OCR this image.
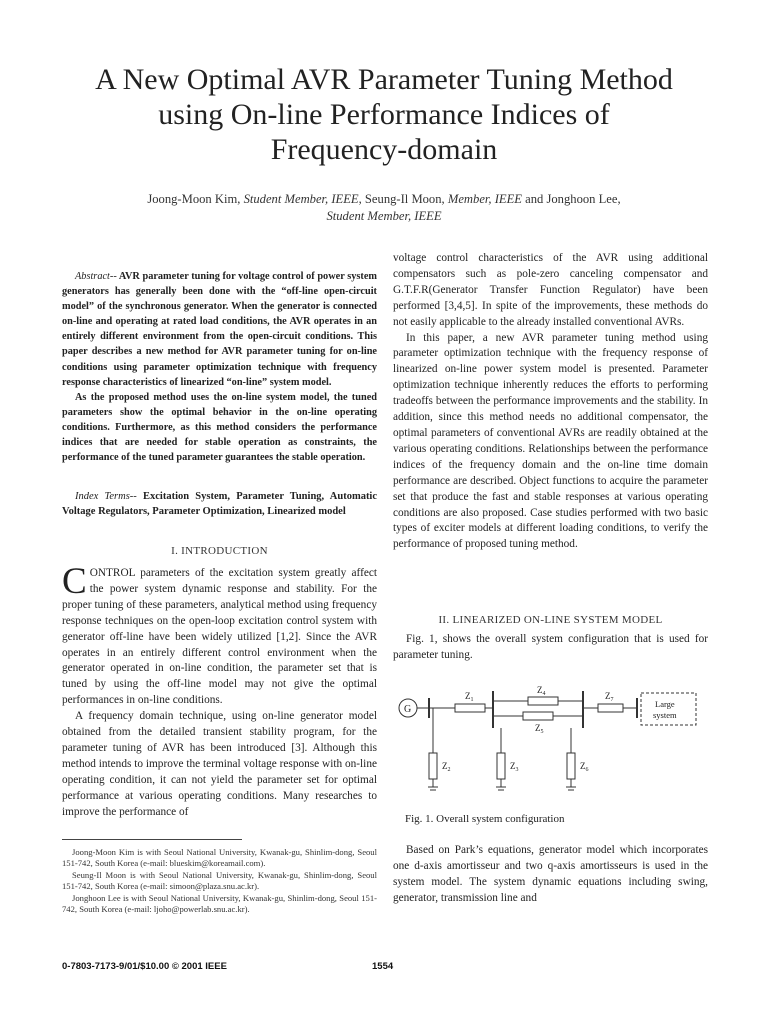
A New Optimal AVR Parameter Tuning Method
using On-line Performance Indices of
Frequency-domain
Joong-Moon Kim, Student Member, IEEE, Seung-Il Moon, Member, IEEE and Jonghoon Lee,
Student Member, IEEE

Abstract-- AVR parameter tuning for voltage control of power system generators has generally been done with the “off-line open-circuit model” of the synchronous generator. When the generator is connected on-line and operating at rated load conditions, the AVR operates in an entirely different environment from the open-circuit conditions. This paper describes a new method for AVR parameter tuning for on-line conditions using parameter optimization technique with frequency response characteristics of linearized “on-line” system model.

As the proposed method uses the on-line system model, the tuned parameters show the optimal behavior in the on-line operating conditions. Furthermore, as this method considers the performance indices that are needed for stable operation as constraints, the performance of the tuned parameter guarantees the stable operation.

Index Terms-- Excitation System, Parameter Tuning, Automatic Voltage Regulators, Parameter Optimization, Linearized model

I. INTRODUCTION

CONTROL parameters of the excitation system greatly affect the power system dynamic response and stability. For the proper tuning of these parameters, analytical method using frequency response techniques on the open-loop excitation control system with generator off-line have been widely utilized [1,2]. Since the AVR operates in an entirely different control environment when the generator operated in on-line condition, the parameter set that is tuned by using the off-line model may not give the optimal performances in on-line conditions.

A frequency domain technique, using on-line generator model obtained from the detailed transient stability program, for the parameter tuning of AVR has been introduced [3]. Although this method intends to improve the terminal voltage response with on-line operating condition, it can not yield the parameter set for optimal performance at various operating conditions. Many researches to improve the performance of

Joong-Moon Kim is with Seoul National University, Kwanak-gu, Shinlim-dong, Seoul 151-742, South Korea (e-mail: blueskim@koreamail.com).

Seung-Il Moon is with Seoul National University, Kwanak-gu, Shinlim-dong, Seoul 151-742, South Korea (e-mail: simoon@plaza.snu.ac.kr).

Jonghoon Lee is with Seoul National University, Kwanak-gu, Shinlim-dong, Seoul 151-742, South Korea (e-mail: ljoho@powerlab.snu.ac.kr).

voltage control characteristics of the AVR using additional compensators such as pole-zero canceling compensator and G.T.F.R(Generator Transfer Function Regulator) have been performed [3,4,5]. In spite of the improvements, these methods do not easily applicable to the already installed conventional AVRs.

In this paper, a new AVR parameter tuning method using parameter optimization technique with the frequency response of linearized on-line power system model is presented. Parameter optimization technique inherently reduces the efforts to performing tradeoffs between the performance improvements and the stability. In addition, since this method needs no additional compensator, the optimal parameters of conventional AVRs are readily obtained at the various operating conditions. Relationships between the performance indices of the frequency domain and the on-line time domain performance are described. Object functions to acquire the parameter set that produce the fast and stable responses at various operating conditions are also proposed. Case studies performed with two basic types of exciter models at different loading conditions, to verify the performance of proposed tuning method.

II. LINEARIZED ON-LINE SYSTEM MODEL

Fig. 1, shows the overall system configuration that is used for parameter tuning.

G
$Z_1$
$Z_4$
$Z_5$
$Z_7$
$Z_2$	$Z_3$	$Z_6$
Large
system
Fig. 1. Overall system configuration

Based on Park’s equations, generator model which incorporates one d-axis amortisseur and two q-axis amortisseurs is used in the system model. The system dynamic equations including swing, generator, transmission line and

0-7803-7173-9/01/$10.00 © 2001 IEEE	1554
